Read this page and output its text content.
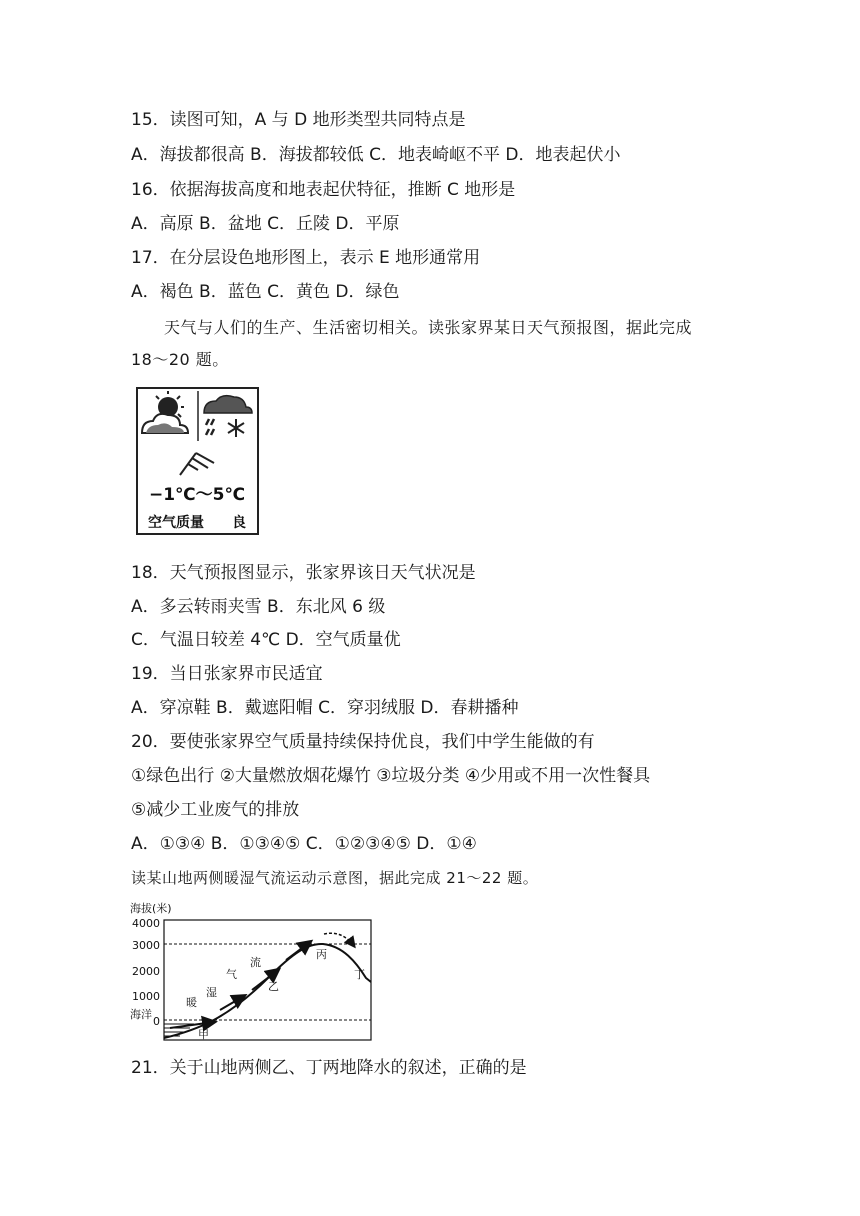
15．读图可知，A 与 D 地形类型共同特点是
A．海拔都很高 B．海拔都较低 C．地表崎岖不平 D．地表起伏小
16．依据海拔高度和地表起伏特征，推断 C 地形是
A．高原 B．盆地 C．丘陵 D．平原
17．在分层设色地形图上，表示 E 地形通常用
A．褐色 B．蓝色 C．黄色 D．绿色
天气与人们的生产、生活密切相关。读张家界某日天气预报图，据此完成
18～20 题。
−1℃～5℃
空气质量 良
18．天气预报图显示，张家界该日天气状况是
A．多云转雨夹雪 B．东北风 6 级
C．气温日较差 4℃ D．空气质量优
19．当日张家界市民适宜
A．穿凉鞋 B．戴遮阳帽 C．穿羽绒服 D．春耕播种
20．要使张家界空气质量持续保持优良，我们中学生能做的有
①绿色出行 ②大量燃放烟花爆竹 ③垃圾分类 ④少用或不用一次性餐具
⑤减少工业废气的排放
A．①③④ B．①③④⑤ C．①②③④⑤ D．①④
读某山地两侧暖湿气流运动示意图，据此完成 21～22 题。
海拔(米)
4000
3000
2000
1000
0
海洋
甲
乙
丙
丁
暖
湿
气
流
21．关于山地两侧乙、丁两地降水的叙述，正确的是
